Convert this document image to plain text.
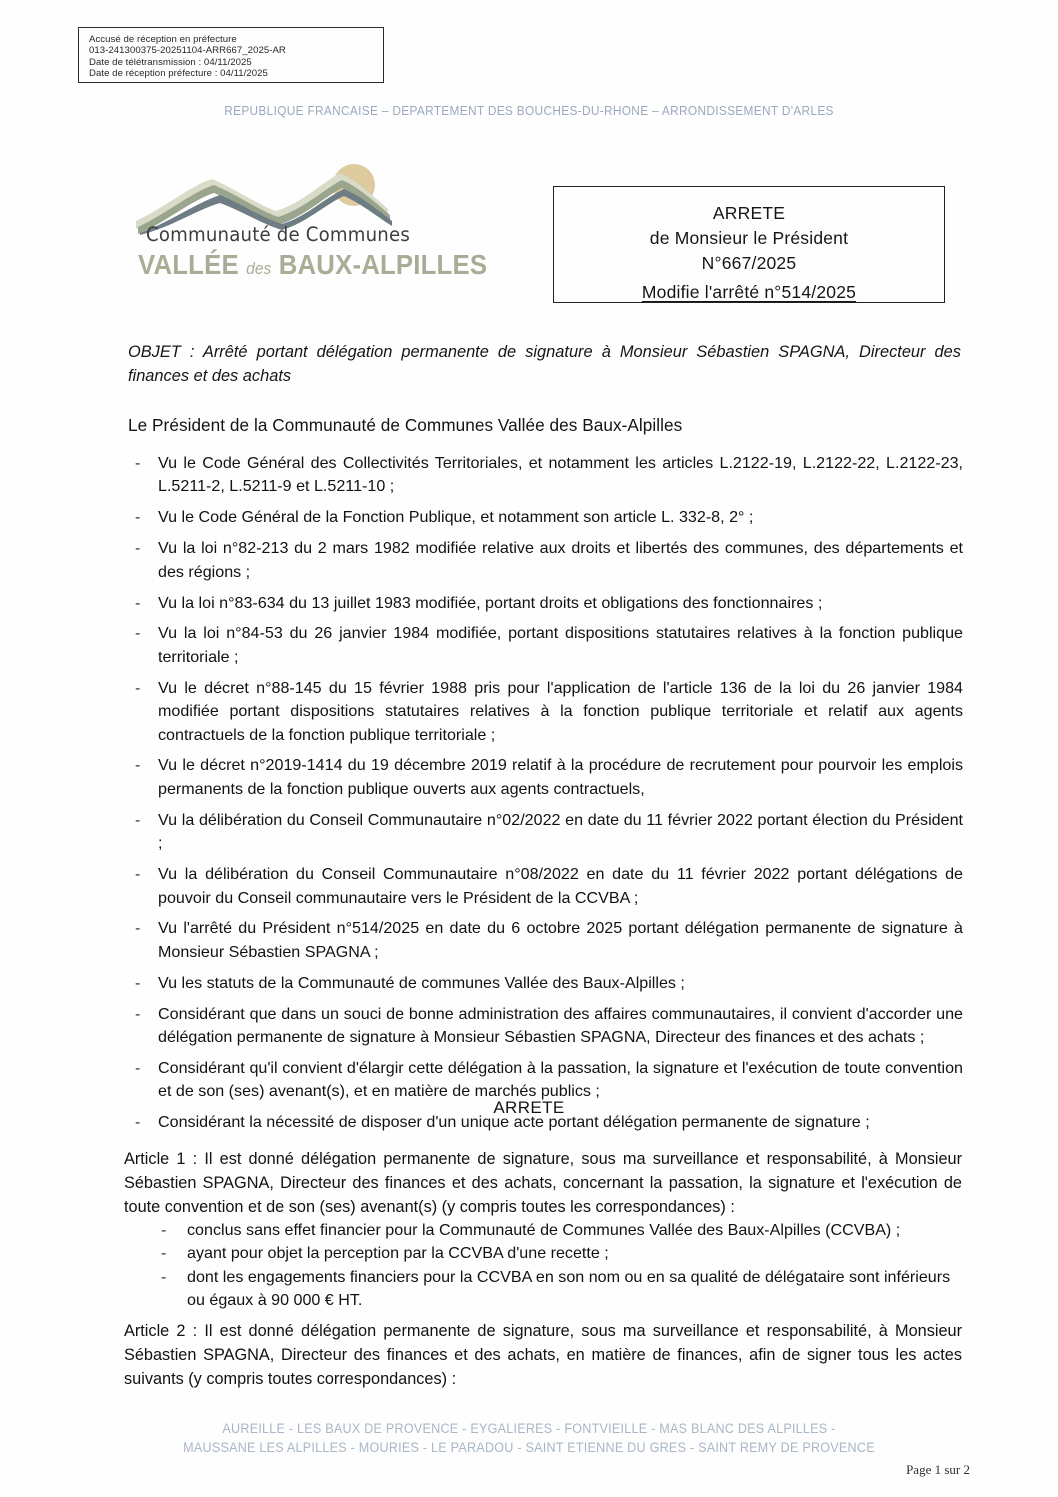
Accusé de réception en préfecture
013-241300375-20251104-ARR667_2025-AR
Date de télétransmission : 04/11/2025
Date de réception préfecture : 04/11/2025
REPUBLIQUE FRANCAISE – DEPARTEMENT DES BOUCHES-DU-RHONE – ARRONDISSEMENT D'ARLES
Communauté de Communes
VALLÉE des BAUX-ALPILLES
ARRETE
de Monsieur le Président
N°667/2025
Modifie l'arrêté n°514/2025
OBJET : Arrêté portant délégation permanente de signature à Monsieur Sébastien SPAGNA, Directeur des finances et des achats
Le Président de la Communauté de Communes Vallée des Baux-Alpilles
- Vu le Code Général des Collectivités Territoriales, et notamment les articles L.2122-19, L.2122-22, L.2122-23, L.5211-2, L.5211-9 et L.5211-10 ;
- Vu le Code Général de la Fonction Publique, et notamment son article L. 332-8, 2° ;
- Vu la loi n°82-213 du 2 mars 1982 modifiée relative aux droits et libertés des communes, des départements et des régions ;
- Vu la loi n°83-634 du 13 juillet 1983 modifiée, portant droits et obligations des fonctionnaires ;
- Vu la loi n°84-53 du 26 janvier 1984 modifiée, portant dispositions statutaires relatives à la fonction publique territoriale ;
- Vu le décret n°88-145 du 15 février 1988 pris pour l'application de l'article 136 de la loi du 26 janvier 1984 modifiée portant dispositions statutaires relatives à la fonction publique territoriale et relatif aux agents contractuels de la fonction publique territoriale ;
- Vu le décret n°2019-1414 du 19 décembre 2019 relatif à la procédure de recrutement pour pourvoir les emplois permanents de la fonction publique ouverts aux agents contractuels,
- Vu la délibération du Conseil Communautaire n°02/2022 en date du 11 février 2022 portant élection du Président ;
- Vu la délibération du Conseil Communautaire n°08/2022 en date du 11 février 2022 portant délégations de pouvoir du Conseil communautaire vers le Président de la CCVBA ;
- Vu l'arrêté du Président n°514/2025 en date du 6 octobre 2025 portant délégation permanente de signature à Monsieur Sébastien SPAGNA ;
- Vu les statuts de la Communauté de communes Vallée des Baux-Alpilles ;
- Considérant que dans un souci de bonne administration des affaires communautaires, il convient d'accorder une délégation permanente de signature à Monsieur Sébastien SPAGNA, Directeur des finances et des achats ;
- Considérant qu'il convient d'élargir cette délégation à la passation, la signature et l'exécution de toute convention et de son (ses) avenant(s), et en matière de marchés publics ;
- Considérant la nécessité de disposer d'un unique acte portant délégation permanente de signature ;
ARRETE
Article 1 : Il est donné délégation permanente de signature, sous ma surveillance et responsabilité, à Monsieur Sébastien SPAGNA, Directeur des finances et des achats, concernant la passation, la signature et l'exécution de toute convention et de son (ses) avenant(s) (y compris toutes les correspondances) :
- conclus sans effet financier pour la Communauté de Communes Vallée des Baux-Alpilles (CCVBA) ;
- ayant pour objet la perception par la CCVBA d'une recette ;
- dont les engagements financiers pour la CCVBA en son nom ou en sa qualité de délégataire sont inférieurs ou égaux à 90 000 € HT.
Article 2 : Il est donné délégation permanente de signature, sous ma surveillance et responsabilité, à Monsieur Sébastien SPAGNA, Directeur des finances et des achats, en matière de finances, afin de signer tous les actes suivants (y compris toutes correspondances) :
AUREILLE - LES BAUX DE PROVENCE - EYGALIERES - FONTVIEILLE - MAS BLANC DES ALPILLES -
MAUSSANE LES ALPILLES - MOURIES - LE PARADOU - SAINT ETIENNE DU GRES - SAINT REMY DE PROVENCE
Page 1 sur 2
